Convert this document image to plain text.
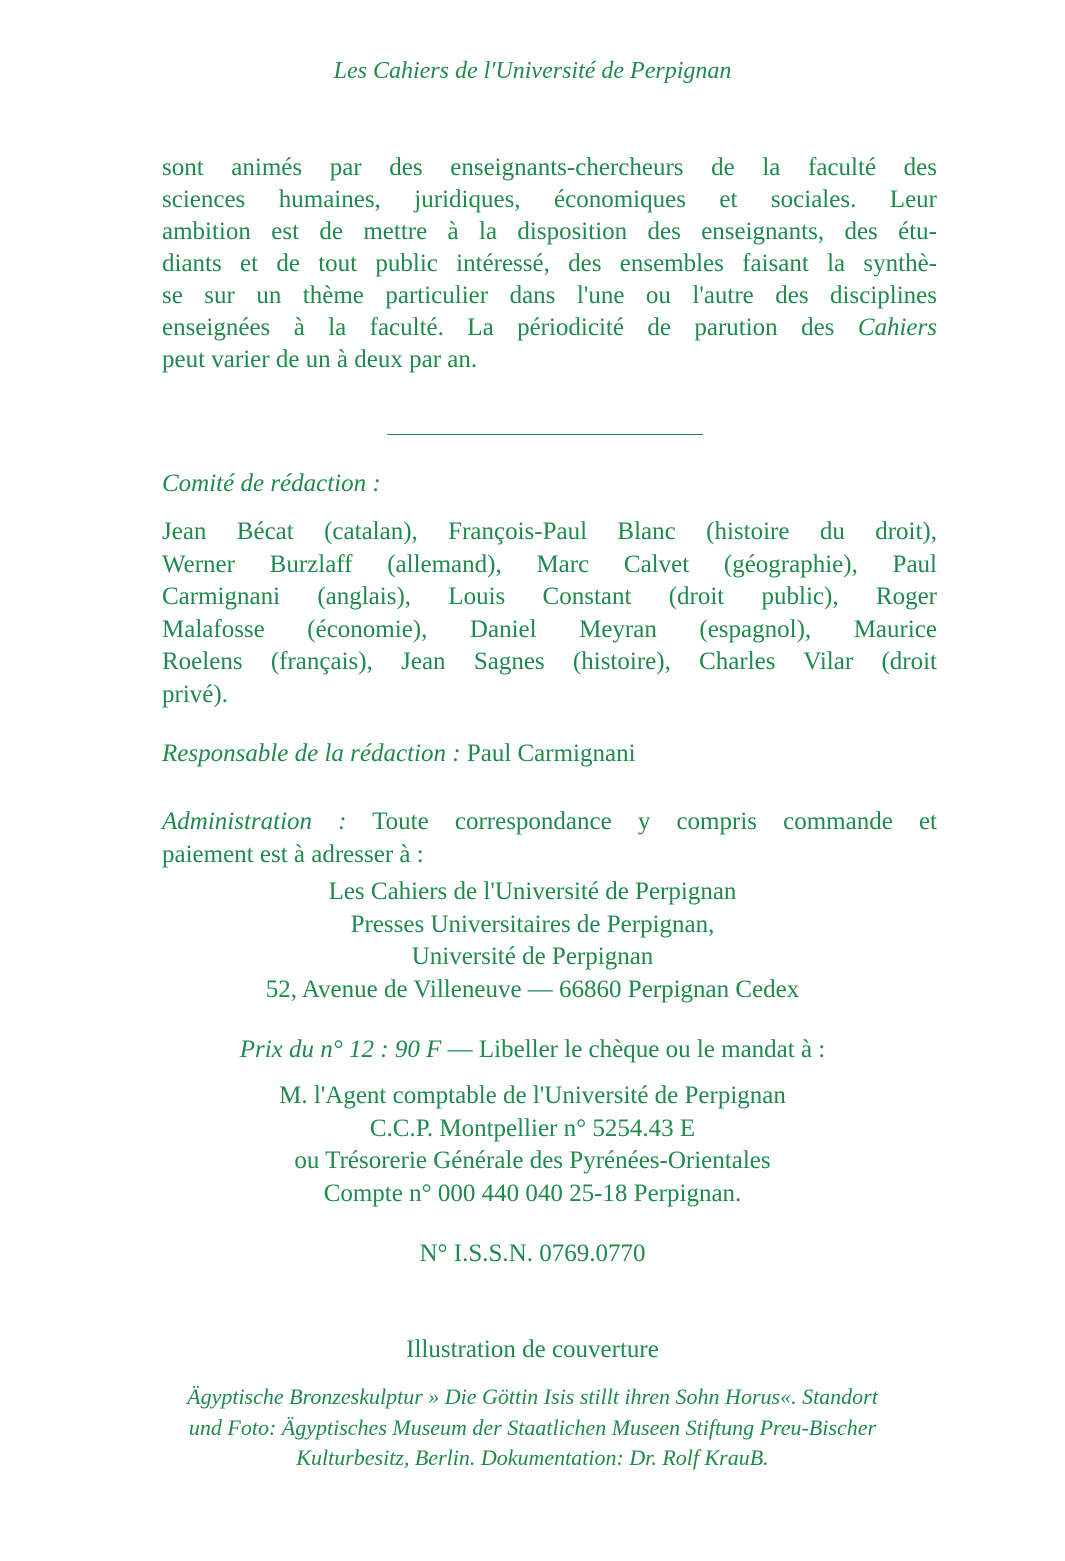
Les Cahiers de l'Université de Perpignan
sont animés par des enseignants-chercheurs de la faculté des
sciences humaines, juridiques, économiques et sociales. Leur
ambition est de mettre à la disposition des enseignants, des étu-
diants et de tout public intéressé, des ensembles faisant la synthè-
se sur un thème particulier dans l'une ou l'autre des disciplines
enseignées à la faculté. La périodicité de parution des Cahiers
peut varier de un à deux par an.
Comité de rédaction :
Jean Bécat (catalan), François-Paul Blanc (histoire du droit),
Werner Burzlaff (allemand), Marc Calvet (géographie), Paul
Carmignani (anglais), Louis Constant (droit public), Roger
Malafosse (économie), Daniel Meyran (espagnol), Maurice
Roelens (français), Jean Sagnes (histoire), Charles Vilar (droit
privé).
Responsable de la rédaction : Paul Carmignani
Administration : Toute correspondance y compris commande et
paiement est à adresser à :
Les Cahiers de l'Université de Perpignan
Presses Universitaires de Perpignan,
Université de Perpignan
52, Avenue de Villeneuve — 66860 Perpignan Cedex
Prix du n° 12 : 90 F — Libeller le chèque ou le mandat à :
M. l'Agent comptable de l'Université de Perpignan
C.C.P. Montpellier n° 5254.43 E
ou Trésorerie Générale des Pyrénées-Orientales
Compte n° 000 440 040 25-18 Perpignan.
N° I.S.S.N. 0769.0770
Illustration de couverture
Ägyptische Bronzeskulptur » Die Göttin Isis stillt ihren Sohn Horus«. Standort
und Foto: Ägyptisches Museum der Staatlichen Museen Stiftung Preu-Bischer
Kulturbesitz, Berlin. Dokumentation: Dr. Rolf KrauB.
